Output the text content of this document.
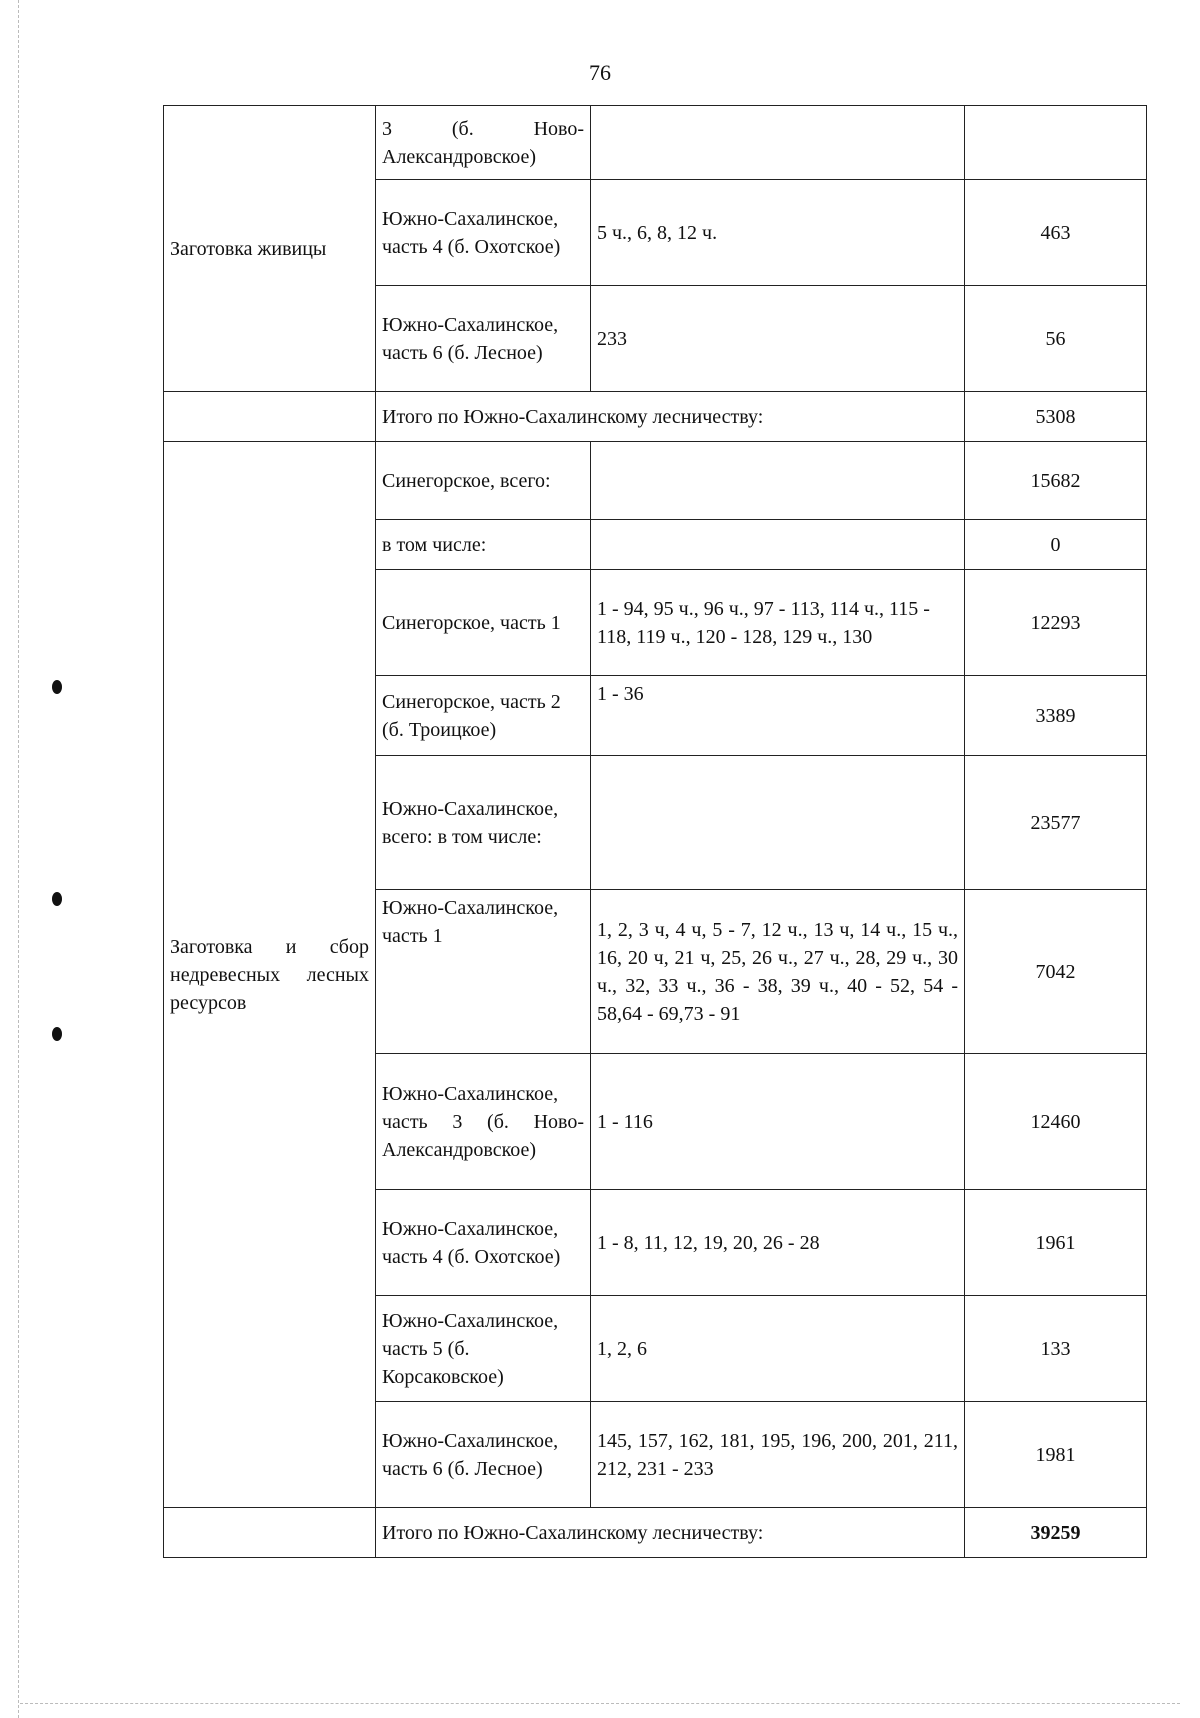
76
Заготовка живицы	3 (б. Ново-Александровское)		
	Южно-Сахалинское, часть 4 (б. Охотское)	5 ч., 6, 8, 12 ч.	463
	Южно-Сахалинское, часть 6 (б. Лесное)	233	56
	Итого по Южно-Сахалинскому лесничеству:		5308
Заготовка и сбор недревесных лесных ресурсов	Синегорское, всего:		15682
	в том числе:		0
	Синегорское, часть 1	1 - 94, 95 ч., 96 ч., 97 - 113, 114 ч., 115 - 118, 119 ч., 120 - 128, 129 ч., 130	12293
	Синегорское, часть 2 (б. Троицкое)	1 - 36	3389
	Южно-Сахалинское, всего: в том числе:		23577
	Южно-Сахалинское, часть 1	1, 2, 3 ч, 4 ч, 5 - 7, 12 ч., 13 ч, 14 ч., 15 ч., 16, 20 ч, 21 ч, 25, 26 ч., 27 ч., 28, 29 ч., 30 ч., 32, 33 ч., 36 - 38, 39 ч., 40 - 52, 54 - 58,64 - 69,73 - 91	7042
	Южно-Сахалинское, часть 3 (б. Ново-Александровское)	1 - 116	12460
	Южно-Сахалинское, часть 4 (б. Охотское)	1 - 8, 11, 12, 19, 20, 26 - 28	1961
	Южно-Сахалинское, часть 5 (б. Корсаковское)	1, 2, 6	133
	Южно-Сахалинское, часть 6 (б. Лесное)	145, 157, 162, 181, 195, 196, 200, 201, 211, 212, 231 - 233	1981
	Итого по Южно-Сахалинскому лесничеству:		39259
